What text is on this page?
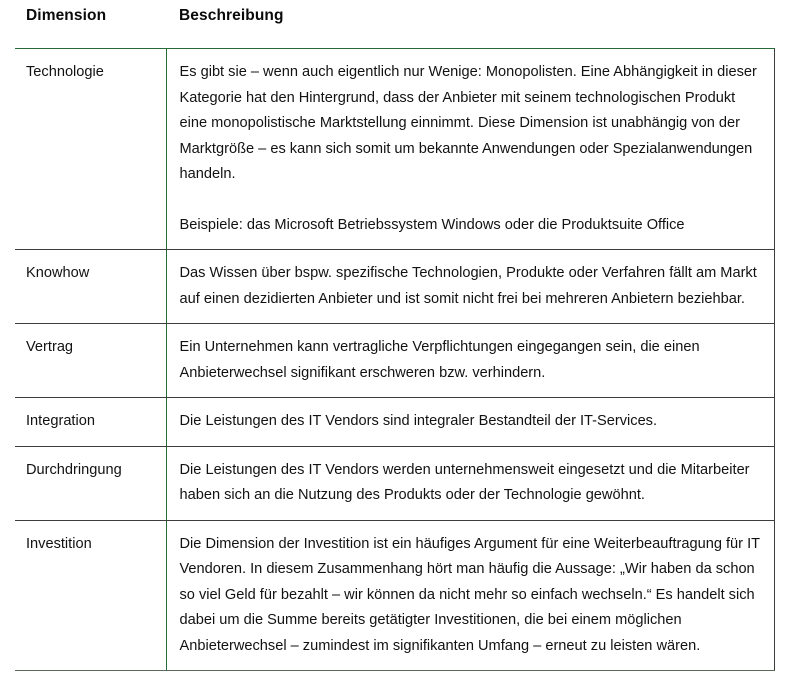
Dimension	Beschreibung
Technologie	Es gibt sie – wenn auch eigentlich nur Wenige: Monopolisten. Eine Abhängigkeit in dieser Kategorie hat den Hintergrund, dass der Anbieter mit seinem technologischen Produkt eine monopolistische Marktstellung einnimmt. Diese Dimension ist unabhängig von der Marktgröße – es kann sich somit um bekannte Anwendungen oder Spezialanwendungen handeln.

Beispiele: das Microsoft Betriebssystem Windows oder die Produktsuite Office

Knowhow	Das Wissen über bspw. spezifische Technologien, Produkte oder Verfahren fällt am Markt auf einen dezidierten Anbieter und ist somit nicht frei bei mehreren Anbietern beziehbar.

Vertrag	Ein Unternehmen kann vertragliche Verpflichtungen eingegangen sein, die einen Anbieterwechsel signifikant erschweren bzw. verhindern.

Integration	Die Leistungen des IT Vendors sind integraler Bestandteil der IT-Services.

Durchdringung	Die Leistungen des IT Vendors werden unternehmensweit eingesetzt und die Mitarbeiter haben sich an die Nutzung des Produkts oder der Technologie gewöhnt.

Investition	Die Dimension der Investition ist ein häufiges Argument für eine Weiterbeauftragung für IT Vendoren. In diesem Zusammenhang hört man häufig die Aussage: „Wir haben da schon so viel Geld für bezahlt – wir können da nicht mehr so einfach wechseln.“ Es handelt sich dabei um die Summe bereits getätigter Investitionen, die bei einem möglichen Anbieterwechsel – zumindest im signifikanten Umfang – erneut zu leisten wären.
